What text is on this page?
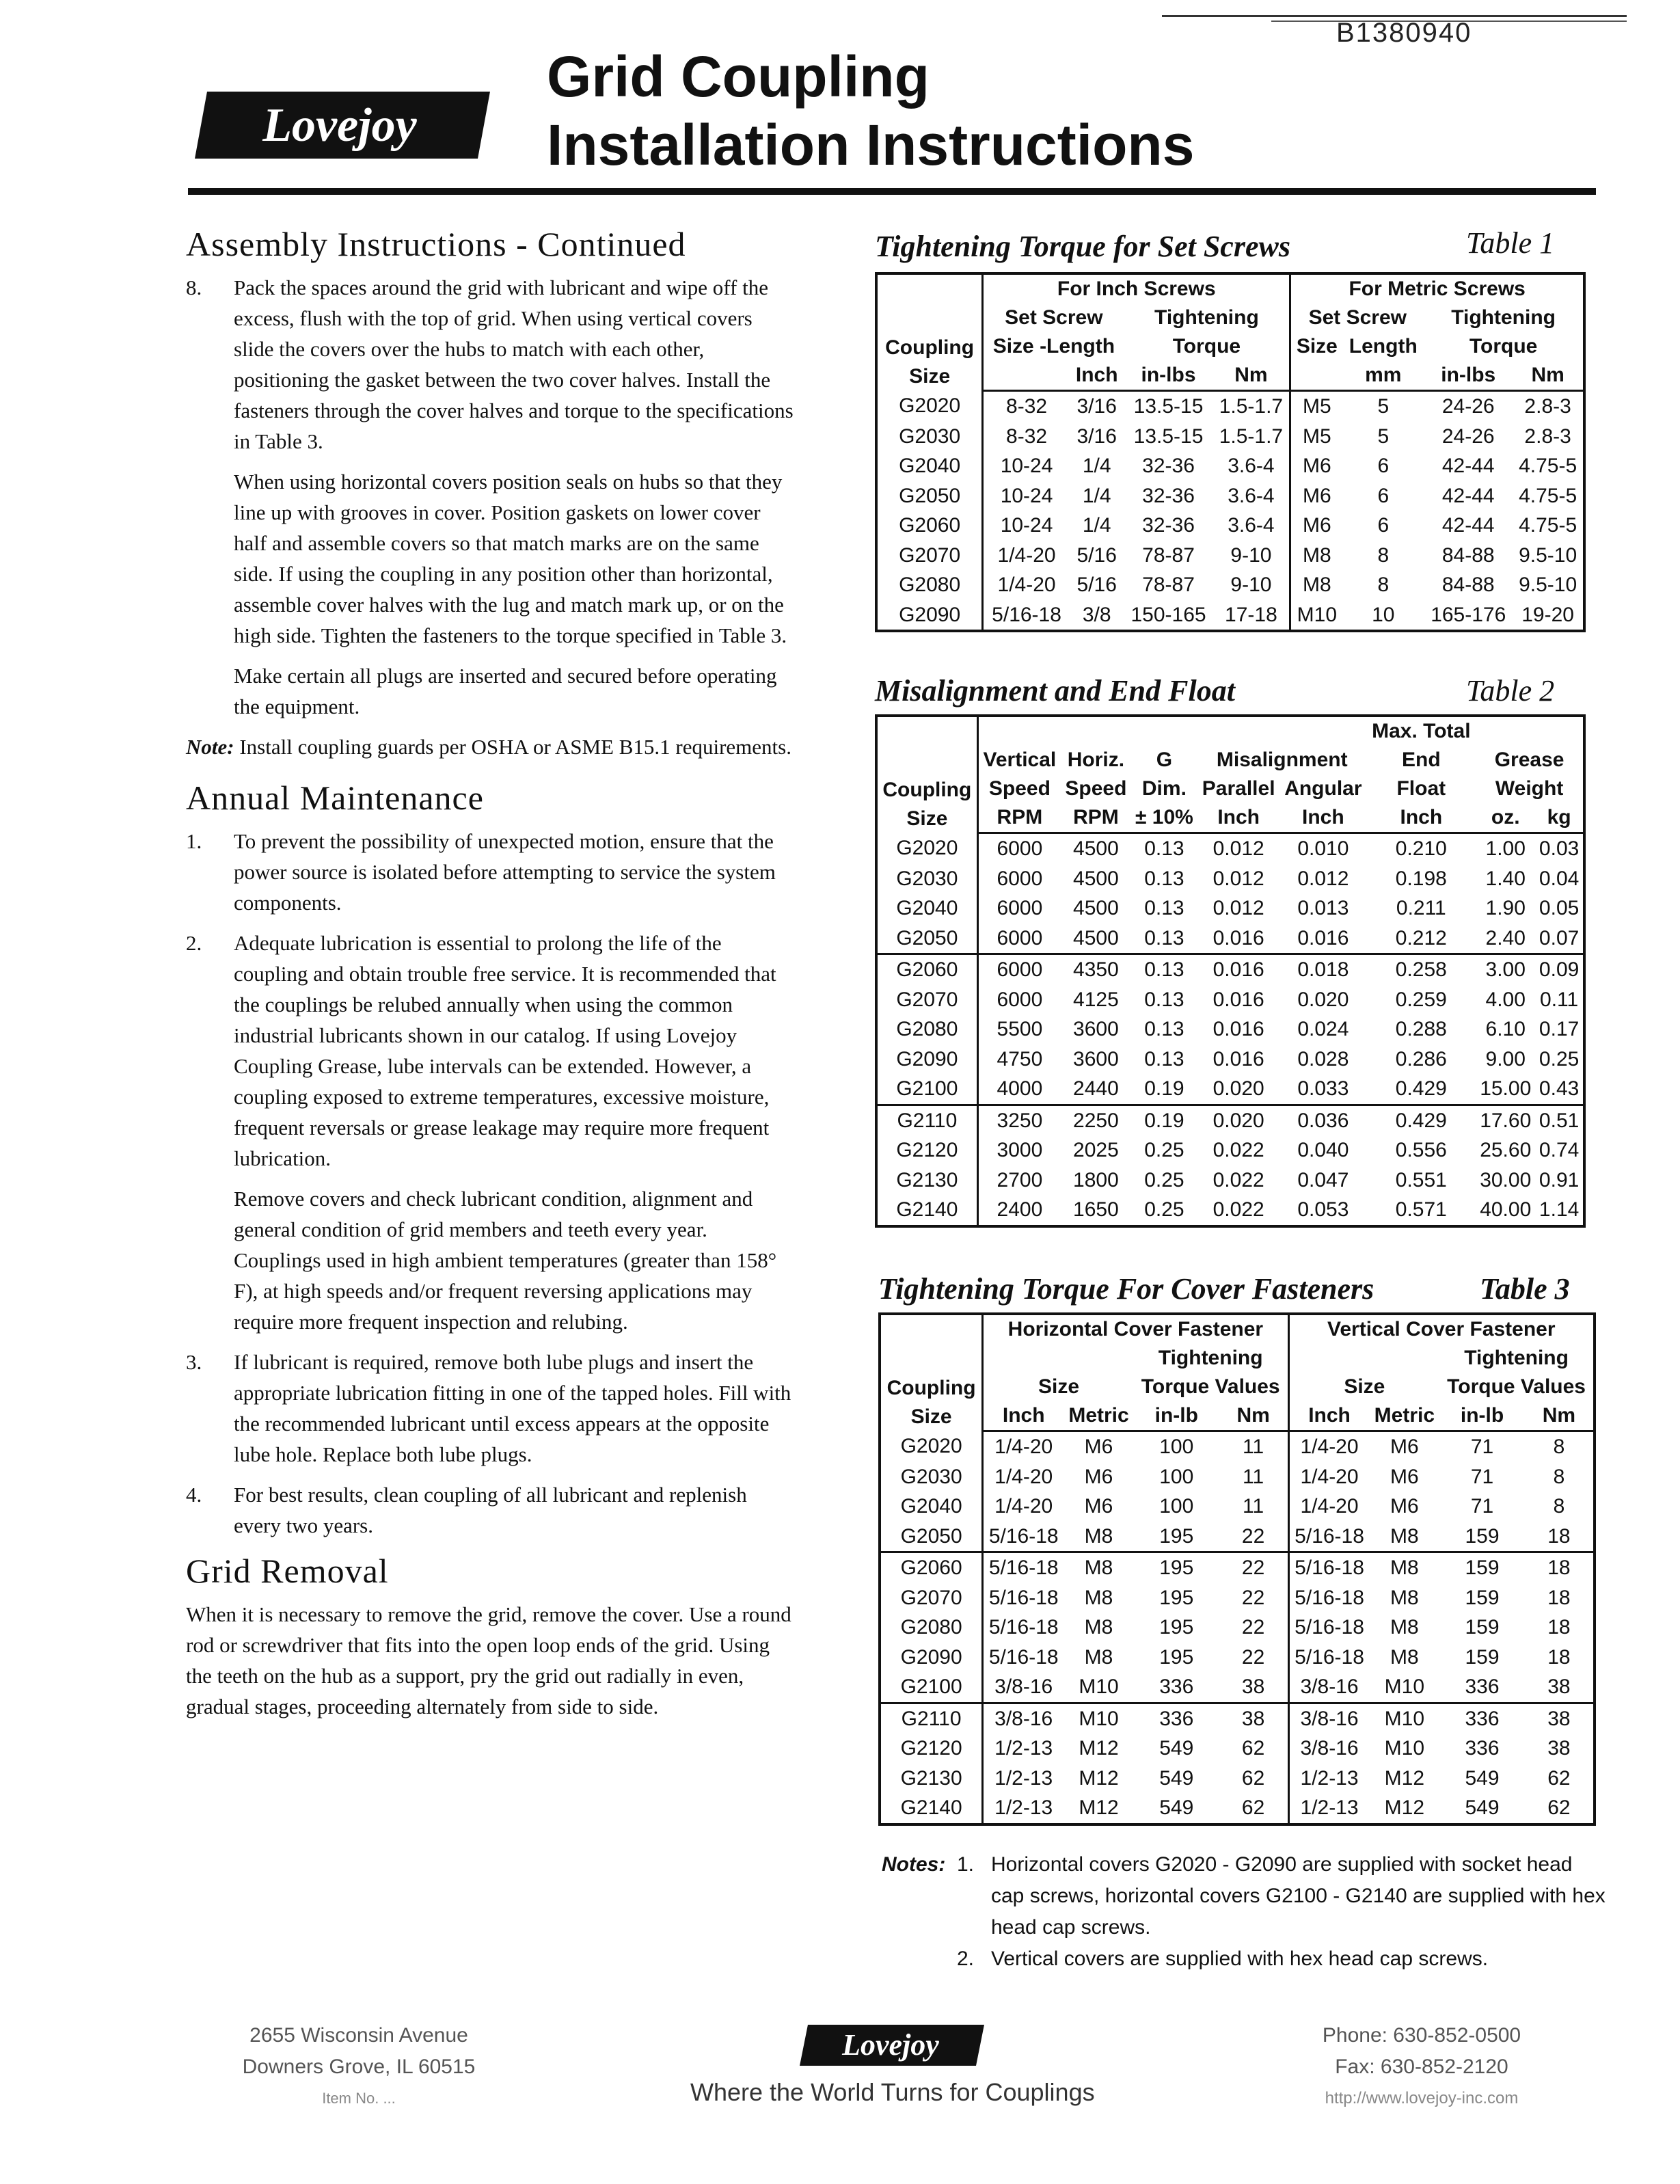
B1380940
Lovejoy
Grid Coupling
Installation Instructions
Assembly Instructions - Continued
8.	Pack the spaces around the grid with lubricant and wipe off the excess, flush with the top of grid. When using vertical covers slide the covers over the hubs to match with each other, positioning the gasket between the two cover halves. Install the fasteners through the cover halves and torque to the specifications in Table 3.

When using horizontal covers position seals on hubs so that they line up with grooves in cover. Position gaskets on lower cover half and assemble covers so that match marks are on the same side. If using the coupling in any position other than horizontal, assemble cover halves with the lug and match mark up, or on the high side. Tighten the fasteners to the torque specified in Table 3.

Make certain all plugs are inserted and secured before operating the equipment.

Note: Install coupling guards per OSHA or ASME B15.1 requirements.

Annual Maintenance
1.	To prevent the possibility of unexpected motion, ensure that the power source is isolated before attempting to service the system components.
2.	Adequate lubrication is essential to prolong the life of the coupling and obtain trouble free service. It is recommended that the couplings be relubed annually when using the common industrial lubricants shown in our catalog. If using Lovejoy Coupling Grease, lube intervals can be extended. However, a coupling exposed to extreme temperatures, excessive moisture, frequent reversals or grease leakage may require more frequent lubrication.

Remove covers and check lubricant condition, alignment and general condition of grid members and teeth every year. Couplings used in high ambient temperatures (greater than 158° F), at high speeds and/or frequent reversing applications may require more frequent inspection and relubing.

3.	If lubricant is required, remove both lube plugs and insert the appropriate lubrication fitting in one of the tapped holes. Fill with the recommended lubricant until excess appears at the opposite lube hole. Replace both lube plugs.
4.	For best results, clean coupling of all lubricant and replenish every two years.
Grid Removal

When it is necessary to remove the grid, remove the cover. Use a round rod or screwdriver that fits into the open loop ends of the grid. Using the teeth on the hub as a support, pry the grid out radially in even, gradual stages, proceeding alternately from side to side.

Tightening Torque for Set Screws	Table 1
Coupling
Size	For Inch Screws				For Metric Screws			
	Set Screw		Tightening		Set Screw		Tightening	
	Size -Length		Torque		Size	Length	Torque	
		Inch	in-lbs	Nm		mm	in-lbs	Nm
G2020	8-32	3/16	13.5-15	1.5-1.7	M5	5	24-26	2.8-3
G2030	8-32	3/16	13.5-15	1.5-1.7	M5	5	24-26	2.8-3
G2040	10-24	1/4	32-36	3.6-4	M6	6	42-44	4.75-5
G2050	10-24	1/4	32-36	3.6-4	M6	6	42-44	4.75-5
G2060	10-24	1/4	32-36	3.6-4	M6	6	42-44	4.75-5
G2070	1/4-20	5/16	78-87	9-10	M8	8	84-88	9.5-10
G2080	1/4-20	5/16	78-87	9-10	M8	8	84-88	9.5-10
G2090	5/16-18	3/8	150-165	17-18	M10	10	165-176	19-20
Misalignment and End Float	Table 2
Coupling
Size						Max. Total		
	Vertical	Horiz.	G	Misalignment		End	Grease	
	Speed	Speed	Dim.	Parallel	Angular	Float	Weight	
	RPM	RPM	± 10%	Inch	Inch	Inch	oz.	kg
G2020	6000	4500	0.13	0.012	0.010	0.210	1.00	0.03
G2030	6000	4500	0.13	0.012	0.012	0.198	1.40	0.04
G2040	6000	4500	0.13	0.012	0.013	0.211	1.90	0.05
G2050	6000	4500	0.13	0.016	0.016	0.212	2.40	0.07
G2060	6000	4350	0.13	0.016	0.018	0.258	3.00	0.09
G2070	6000	4125	0.13	0.016	0.020	0.259	4.00	0.11
G2080	5500	3600	0.13	0.016	0.024	0.288	6.10	0.17
G2090	4750	3600	0.13	0.016	0.028	0.286	9.00	0.25
G2100	4000	2440	0.19	0.020	0.033	0.429	15.00	0.43
G2110	3250	2250	0.19	0.020	0.036	0.429	17.60	0.51
G2120	3000	2025	0.25	0.022	0.040	0.556	25.60	0.74
G2130	2700	1800	0.25	0.022	0.047	0.551	30.00	0.91
G2140	2400	1650	0.25	0.022	0.053	0.571	40.00	1.14
Tightening Torque For Cover Fasteners	Table 3
Coupling
Size	Horizontal Cover Fastener				Vertical Cover Fastener			
			Tightening				Tightening	
	Size		Torque Values		Size		Torque Values	
	Inch	Metric	in-lb	Nm	Inch	Metric	in-lb	Nm
G2020	1/4-20	M6	100	11	1/4-20	M6	71	8
G2030	1/4-20	M6	100	11	1/4-20	M6	71	8
G2040	1/4-20	M6	100	11	1/4-20	M6	71	8
G2050	5/16-18	M8	195	22	5/16-18	M8	159	18
G2060	5/16-18	M8	195	22	5/16-18	M8	159	18
G2070	5/16-18	M8	195	22	5/16-18	M8	159	18
G2080	5/16-18	M8	195	22	5/16-18	M8	159	18
G2090	5/16-18	M8	195	22	5/16-18	M8	159	18
G2100	3/8-16	M10	336	38	3/8-16	M10	336	38
G2110	3/8-16	M10	336	38	3/8-16	M10	336	38
G2120	1/2-13	M12	549	62	3/8-16	M10	336	38
G2130	1/2-13	M12	549	62	1/2-13	M12	549	62
G2140	1/2-13	M12	549	62	1/2-13	M12	549	62
Notes: 1. Horizontal covers G2020 - G2090 are supplied with socket head cap screws, horizontal covers G2100 - G2140 are supplied with hex head cap screws.
2. Vertical covers are supplied with hex head cap screws.
2655 Wisconsin Avenue
Downers Grove, IL 60515
Item No. ...
Lovejoy
Where the World Turns for Couplings
Phone: 630-852-0500
Fax: 630-852-2120
http://www.lovejoy-inc.com
